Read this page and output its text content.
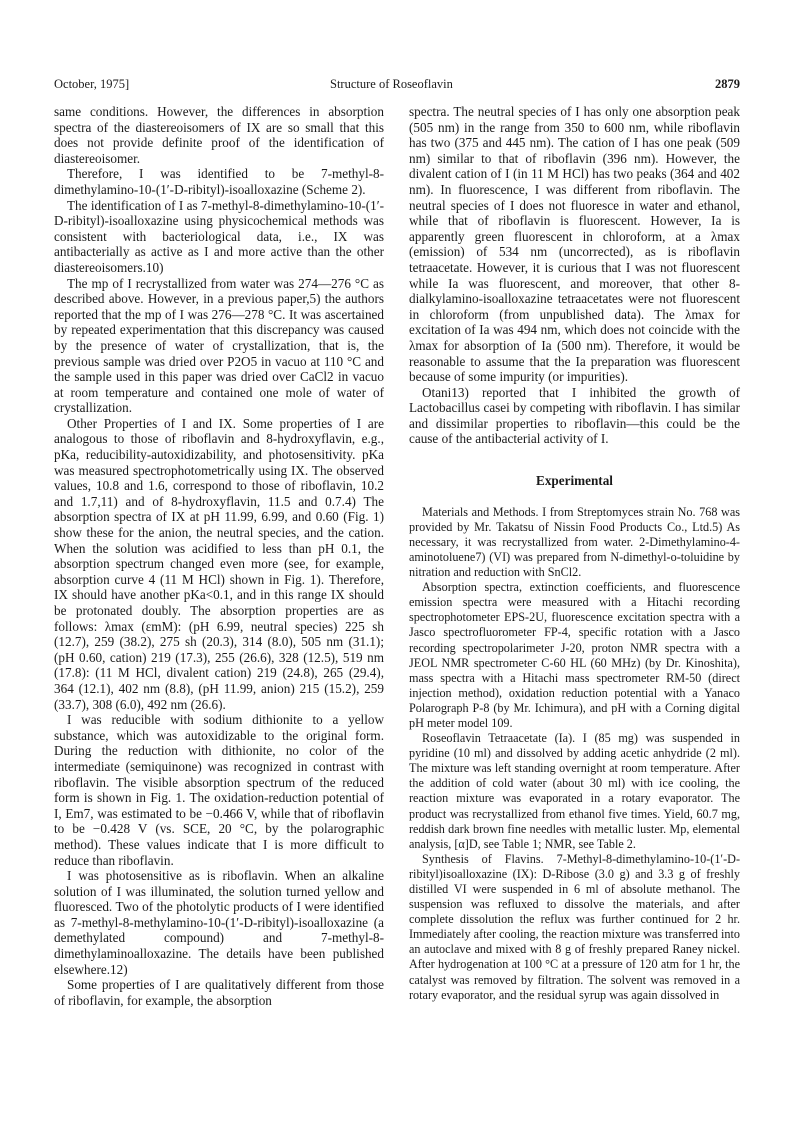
October, 1975]	Structure of Roseoflavin	2879

same conditions. However, the differences in absorption spectra of the diastereoisomers of IX are so small that this does not provide definite proof of the identification of diastereoisomer.

Therefore, I was identified to be 7-methyl-8-dimethylamino-10-(1′-D-ribityl)-isoalloxazine (Scheme 2).

The identification of I as 7-methyl-8-dimethylamino-10-(1′-D-ribityl)-isoalloxazine using physicochemical methods was consistent with bacteriological data, i.e., IX was antibacterially as active as I and more active than the other diastereoisomers.10)

The mp of I recrystallized from water was 274—276 °C as described above. However, in a previous paper,5) the authors reported that the mp of I was 276—278 °C. It was ascertained by repeated experimentation that this discrepancy was caused by the presence of water of crystallization, that is, the previous sample was dried over P2O5 in vacuo at 110 °C and the sample used in this paper was dried over CaCl2 in vacuo at room temperature and contained one mole of water of crystallization.

Other Properties of I and IX. Some properties of I are analogous to those of riboflavin and 8-hydroxyflavin, e.g., pKa, reducibility-autoxidizability, and photosensitivity. pKa was measured spectrophotometrically using IX. The observed values, 10.8 and 1.6, correspond to those of riboflavin, 10.2 and 1.7,11) and of 8-hydroxyflavin, 11.5 and 0.7.4) The absorption spectra of IX at pH 11.99, 6.99, and 0.60 (Fig. 1) show these for the anion, the neutral species, and the cation. When the solution was acidified to less than pH 0.1, the absorption spectrum changed even more (see, for example, absorption curve 4 (11 M HCl) shown in Fig. 1). Therefore, IX should have another pKa<0.1, and in this range IX should be protonated doubly. The absorption properties are as follows: λmax (εmM): (pH 6.99, neutral species) 225 sh (12.7), 259 (38.2), 275 sh (20.3), 314 (8.0), 505 nm (31.1); (pH 0.60, cation) 219 (17.3), 255 (26.6), 328 (12.5), 519 nm (17.8): (11 M HCl, divalent cation) 219 (24.8), 265 (29.4), 364 (12.1), 402 nm (8.8), (pH 11.99, anion) 215 (15.2), 259 (33.7), 308 (6.0), 492 nm (26.6).

I was reducible with sodium dithionite to a yellow substance, which was autoxidizable to the original form. During the reduction with dithionite, no color of the intermediate (semiquinone) was recognized in contrast with riboflavin. The visible absorption spectrum of the reduced form is shown in Fig. 1. The oxidation-reduction potential of I, Em7, was estimated to be −0.466 V, while that of riboflavin to be −0.428 V (vs. SCE, 20 °C, by the polarographic method). These values indicate that I is more difficult to reduce than riboflavin.

I was photosensitive as is riboflavin. When an alkaline solution of I was illuminated, the solution turned yellow and fluoresced. Two of the photolytic products of I were identified as 7-methyl-8-methylamino-10-(1′-D-ribityl)-isoalloxazine (a demethylated compound) and 7-methyl-8-dimethylaminoalloxazine. The details have been published elsewhere.12)

Some properties of I are qualitatively different from those of riboflavin, for example, the absorption

spectra. The neutral species of I has only one absorption peak (505 nm) in the range from 350 to 600 nm, while riboflavin has two (375 and 445 nm). The cation of I has one peak (509 nm) similar to that of riboflavin (396 nm). However, the divalent cation of I (in 11 M HCl) has two peaks (364 and 402 nm). In fluorescence, I was different from riboflavin. The neutral species of I does not fluoresce in water and ethanol, while that of riboflavin is fluorescent. However, Ia is apparently green fluorescent in chloroform, at a λmax (emission) of 534 nm (uncorrected), as is riboflavin tetraacetate. However, it is curious that I was not fluorescent while Ia was fluorescent, and moreover, that other 8-dialkylamino-isoalloxazine tetraacetates were not fluorescent in chloroform (from unpublished data). The λmax for excitation of Ia was 494 nm, which does not coincide with the λmax for absorption of Ia (500 nm). Therefore, it would be reasonable to assume that the Ia preparation was fluorescent because of some impurity (or impurities).

Otani13) reported that I inhibited the growth of Lactobacillus casei by competing with riboflavin. I has similar and dissimilar properties to riboflavin—this could be the cause of the antibacterial activity of I.

Experimental

Materials and Methods. I from Streptomyces strain No. 768 was provided by Mr. Takatsu of Nissin Food Products Co., Ltd.5) As necessary, it was recrystallized from water. 2-Dimethylamino-4-aminotoluene7) (VI) was prepared from N-dimethyl-o-toluidine by nitration and reduction with SnCl2.

Absorption spectra, extinction coefficients, and fluorescence emission spectra were measured with a Hitachi recording spectrophotometer EPS-2U, fluorescence excitation spectra with a Jasco spectrofluorometer FP-4, specific rotation with a Jasco recording spectropolarimeter J-20, proton NMR spectra with a JEOL NMR spectrometer C-60 HL (60 MHz) (by Dr. Kinoshita), mass spectra with a Hitachi mass spectrometer RM-50 (direct injection method), oxidation reduction potential with a Yanaco Polarograph P-8 (by Mr. Ichimura), and pH with a Corning digital pH meter model 109.

Roseoflavin Tetraacetate (Ia). I (85 mg) was suspended in pyridine (10 ml) and dissolved by adding acetic anhydride (2 ml). The mixture was left standing overnight at room temperature. After the addition of cold water (about 30 ml) with ice cooling, the reaction mixture was evaporated in a rotary evaporator. The product was recrystallized from ethanol five times. Yield, 60.7 mg, reddish dark brown fine needles with metallic luster. Mp, elemental analysis, [α]D, see Table 1; NMR, see Table 2.

Synthesis of Flavins. 7-Methyl-8-dimethylamino-10-(1′-D-ribityl)isoalloxazine (IX): D-Ribose (3.0 g) and 3.3 g of freshly distilled VI were suspended in 6 ml of absolute methanol. The suspension was refluxed to dissolve the materials, and after complete dissolution the reflux was further continued for 2 hr. Immediately after cooling, the reaction mixture was transferred into an autoclave and mixed with 8 g of freshly prepared Raney nickel. After hydrogenation at 100 °C at a pressure of 120 atm for 1 hr, the catalyst was removed by filtration. The solvent was removed in a rotary evaporator, and the residual syrup was again dissolved in
